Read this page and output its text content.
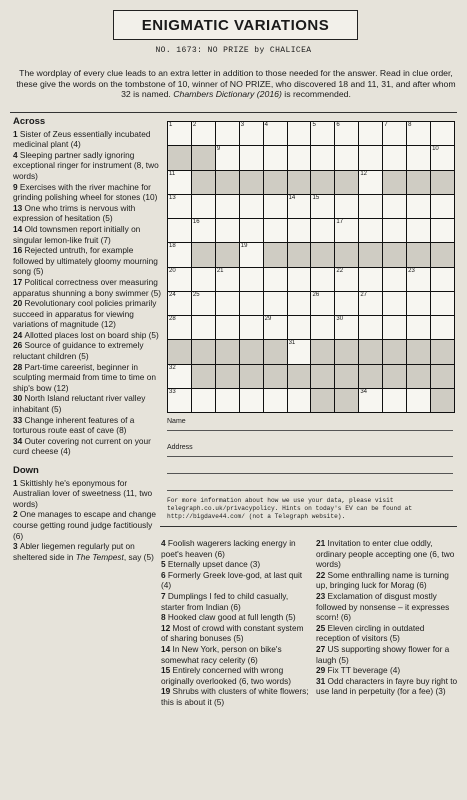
ENIGMATIC VARIATIONS
NO. 1673: NO PRIZE by CHALICEA
The wordplay of every clue leads to an extra letter in addition to those needed for the answer. Read in clue order, these give the words on the tombstone of 10, winner of NO PRIZE, who discovered 18 and 11, 31, and after whom 32 is named. Chambers Dictionary (2016) is recommended.
Across

1 Sister of Zeus essentially incubated medicinal plant (4)

4 Sleeping partner sadly ignoring exceptional ringer for instrument (8, two words)

9 Exercises with the river machine for grinding polishing wheel for stones (10)

13 One who trims is nervous with expression of hesitation (5)

14 Old townsmen report initially on singular lemon-like fruit (7)

16 Rejected untruth, for example followed by ultimately gloomy mourning song (5)

17 Political correctness over measuring apparatus shunning a bony swimmer (5)

20 Revolutionary cool policies primarily succeed in apparatus for viewing variations of magnitude (12)

24 Allotted places lost on board ship (5)

26 Source of guidance to extremely reluctant children (5)

28 Part-time careerist, beginner in sculpting mermaid from time to time on ship's bow (12)

30 North Island reluctant river valley inhabitant (5)

33 Change inherent features of a torturous route east of cave (8)

34 Outer covering not current on your curd cheese (4)

Down

1 Skittishly he's eponymous for Australian lover of sweetness (11, two words)

2 One manages to escape and change course getting round judge factitiously (6)

3 Abler liegemen regularly put on sheltered side in The Tempest, say (5)

1	2	3	4	5	6	7	8
9	10
11	12
13	14	15
16	17
18	19
20	21	22	23
24	25	26	27
28	29	30
31
32
33	34
Name
Address
For more information about how we use your data, please visit telegraph.co.uk/privacypolicy. Hints on today's EV can be found at http://bigdave44.com/ (not a Telegraph website).

4 Foolish wagerers lacking energy in poet's heaven (6)

5 Eternally upset dance (3)

6 Formerly Greek love-god, at last quit (4)

7 Dumplings I fed to child casually, starter from Indian (6)

8 Hooked claw good at full length (5)

12 Most of crowd with constant system of sharing bonuses (5)

14 In New York, person on bike's somewhat racy celerity (6)

15 Entirely concerned with wrong originally overlooked (6, two words)

19 Shrubs with clusters of white flowers; this is about it (5)

21 Invitation to enter clue oddly, ordinary people accepting one (6, two words)

22 Some enthralling name is turning up, bringing luck for Morag (6)

23 Exclamation of disgust mostly followed by nonsense – it expresses scorn! (6)

25 Eleven circling in outdated reception of visitors (5)

27 US supporting showy flower for a laugh (5)

29 Fix TT beverage (4)

31 Odd characters in fayre buy right to use land in perpetuity (for a fee) (3)
